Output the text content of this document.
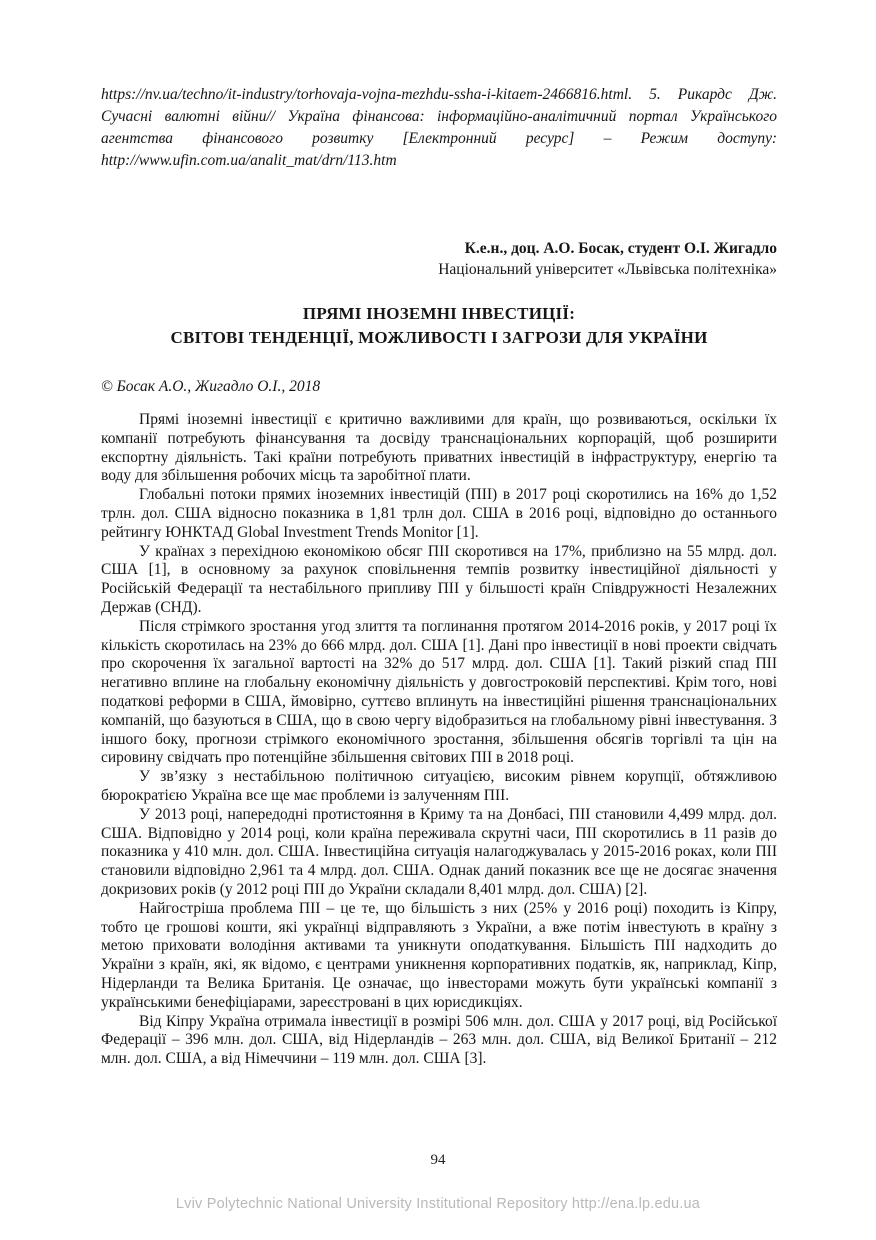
https://nv.ua/techno/it-industry/torhovaja-vojna-mezhdu-ssha-i-kitaem-2466816.html. 5. Рикардс Дж. Сучасні валютні війни// Україна фінансова: інформаційно-аналітичний портал Українського агентства фінансового розвитку [Електронний ресурс] – Режим доступу: http://www.ufin.com.ua/analit_mat/drn/113.htm
К.е.н., доц. А.О. Босак, студент О.І. Жигадло
Національний університет «Львівська політехніка»
ПРЯМІ ІНОЗЕМНІ ІНВЕСТИЦІЇ:
СВІТОВІ ТЕНДЕНЦІЇ, МОЖЛИВОСТІ І ЗАГРОЗИ ДЛЯ УКРАЇНИ
© Босак А.О., Жигадло О.І., 2018

Прямі іноземні інвестиції є критично важливими для країн, що розвиваються, оскільки їх компанії потребують фінансування та досвіду транснаціональних корпорацій, щоб розширити експортну діяльність. Такі країни потребують приватних інвестицій в інфраструктуру, енергію та воду для збільшення робочих місць та заробітної плати.

Глобальні потоки прямих іноземних інвестицій (ПІІ) в 2017 році скоротились на 16% до 1,52 трлн. дол. США відносно показника в 1,81 трлн дол. США в 2016 році, відповідно до останнього рейтингу ЮНКТАД Global Investment Trends Monitor [1].

У країнах з перехідною економікою обсяг ПІІ скоротився на 17%, приблизно на 55 млрд. дол. США [1], в основному за рахунок сповільнення темпів розвитку інвестиційної діяльності у Російській Федерації та нестабільного припливу ПІІ у більшості країн Співдружності Незалежних Держав (СНД).

Після стрімкого зростання угод злиття та поглинання протягом 2014-2016 років, у 2017 році їх кількість скоротилась на 23% до 666 млрд. дол. США [1]. Дані про інвестиції в нові проекти свідчать про скорочення їх загальної вартості на 32% до 517 млрд. дол. США [1]. Такий різкий спад ПІІ негативно вплине на глобальну економічну діяльність у довгостроковій перспективі. Крім того, нові податкові реформи в США, ймовірно, суттєво вплинуть на інвестиційні рішення транснаціональних компаній, що базуються в США, що в свою чергу відобразиться на глобальному рівні інвестування. З іншого боку, прогнози стрімкого економічного зростання, збільшення обсягів торгівлі та цін на сировину свідчать про потенційне збільшення світових ПІІ в 2018 році.

У зв’язку з нестабільною політичною ситуацією, високим рівнем корупції, обтяжливою бюрократією Україна все ще має проблеми із залученням ПІІ.

У 2013 році, напередодні протистояння в Криму та на Донбасі, ПІІ становили 4,499 млрд. дол. США. Відповідно у 2014 році, коли країна переживала скрутні часи, ПІІ скоротились в 11 разів до показника у 410 млн. дол. США. Інвестиційна ситуація налагоджувалась у 2015-2016 роках, коли ПІІ становили відповідно 2,961 та 4 млрд. дол. США. Однак даний показник все ще не досягає значення докризових років (у 2012 році ПІІ до України складали 8,401 млрд. дол. США) [2].

Найгостріша проблема ПІІ – це те, що більшість з них (25% у 2016 році) походить із Кіпру, тобто це грошові кошти, які українці відправляють з України, а вже потім інвестують в країну з метою приховати володіння активами та уникнути оподаткування. Більшість ПІІ надходить до України з країн, які, як відомо, є центрами уникнення корпоративних податків, як, наприклад, Кіпр, Нідерланди та Велика Британія. Це означає, що інвесторами можуть бути українські компанії з українськими бенефіціарами, зареєстровані в цих юрисдикціях.

Від Кіпру Україна отримала інвестиції в розмірі 506 млн. дол. США у 2017 році, від Російської Федерації – 396 млн. дол. США, від Нідерландів – 263 млн. дол. США, від Великої Британії – 212 млн. дол. США, а від Німеччини – 119 млн. дол. США [3].

94
Lviv Polytechnic National University Institutional Repository http://ena.lp.edu.ua
